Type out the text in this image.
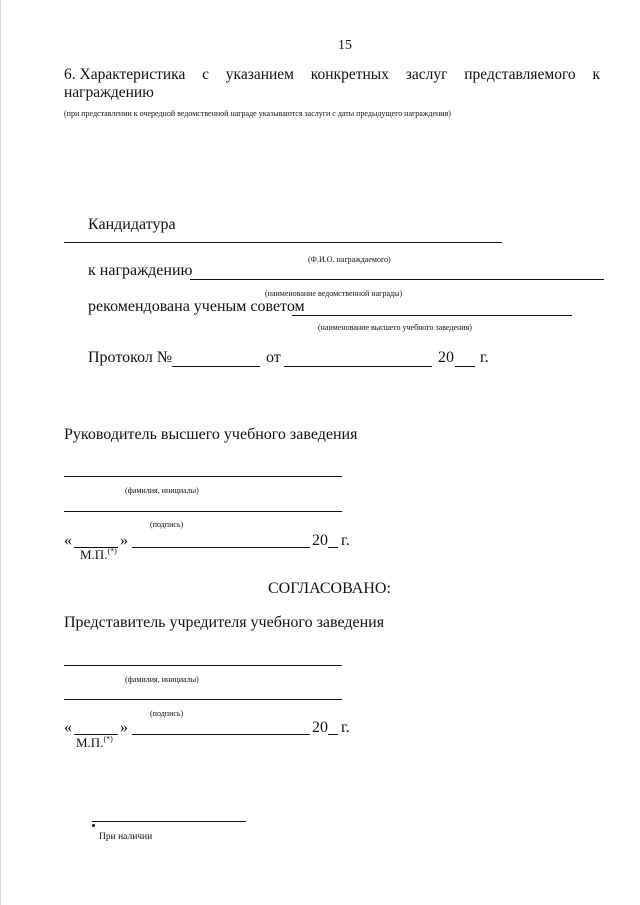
15
6. Характеристика с указанием конкретных заслуг представляемого к
награждению
(при представлении к очередной ведомственной награде указываются заслуги с даты предыдущего награждения)
Кандидатура
(Ф.И.О. награждаемого)
к награждению
(наименование ведомственной награды)
рекомендована ученым советом
(наименование высшего учебного заведения)
Протокол №	от	20 г.
Руководитель высшего учебного заведения
(фамилия, инициалы)
(подпись)
«	»	20 г.
М.П.(*)
СОГЛАСОВАНО:
Представитель учредителя учебного заведения
(фамилия, инициалы)
(подпись)
«	»	20 г.
М.П.(*)
При наличии
